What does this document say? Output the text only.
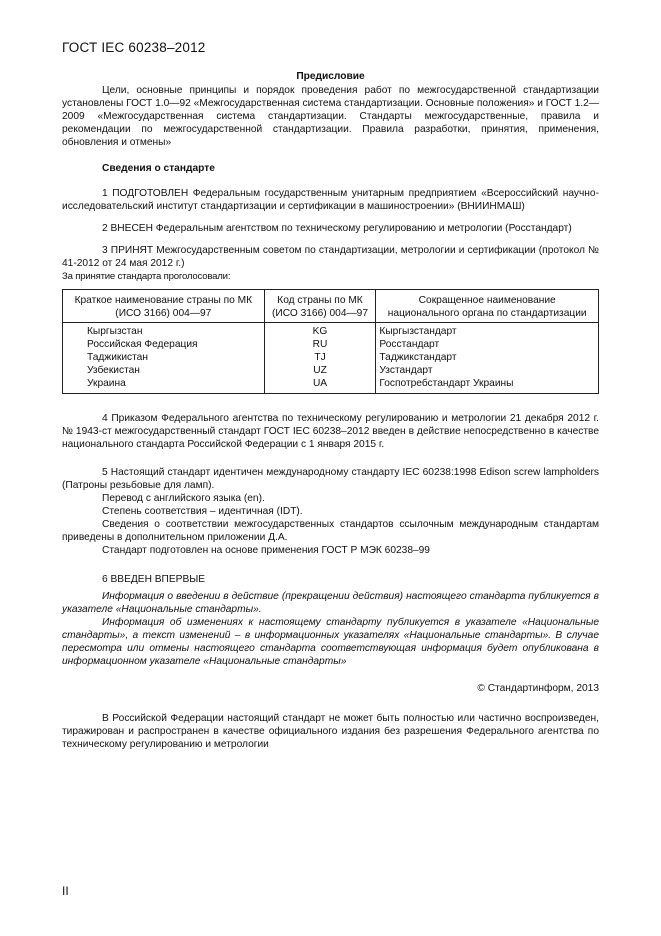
ГОСТ IEC 60238–2012
Предисловие

Цели, основные принципы и порядок проведения работ по межгосударственной стандартизации установлены ГОСТ 1.0—92 «Межгосударственная система стандартизации. Основные положения» и ГОСТ 1.2—2009 «Межгосударственная система стандартизации. Стандарты межгосударственные, правила и рекомендации по межгосударственной стандартизации. Правила разработки, принятия, применения, обновления и отмены»

Сведения о стандарте

1 ПОДГОТОВЛЕН Федеральным государственным унитарным предприятием «Всероссийский научно-исследовательский институт стандартизации и сертификации в машиностроении» (ВНИИНМАШ)

2 ВНЕСЕН Федеральным агентством по техническому регулированию и метрологии (Росстандарт)

3 ПРИНЯТ Межгосударственным советом по стандартизации, метрологии и сертификации (протокол № 41-2012 от 24 мая 2012 г.)

За принятие стандарта проголосовали:

Краткое наименование страны по МК (ИСО 3166) 004—97	Код страны по МК (ИСО 3166) 004—97	Сокращенное наименование национального органа по стандартизации
Кыргызстан	KG	Кыргызстандарт
Российская Федерация	RU	Росстандарт
Таджикистан	TJ	Таджикстандарт
Узбекистан	UZ	Узстандарт
Украина	UA	Госпотребстандарт Украины

4 Приказом Федерального агентства по техническому регулированию и метрологии 21 декабря 2012 г. № 1943-ст межгосударственный стандарт ГОСТ IEC 60238–2012 введен в действие непосредственно в качестве национального стандарта Российской Федерации с 1 января 2015 г.

5 Настоящий стандарт идентичен международному стандарту IEC 60238:1998 Edison screw lampholders (Патроны резьбовые для ламп).

Перевод с английского языка (en).

Степень соответствия – идентичная (IDT).

Сведения о соответствии межгосударственных стандартов ссылочным международным стандартам приведены в дополнительном приложении Д.А.

Стандарт подготовлен на основе применения ГОСТ Р МЭК 60238–99

6 ВВЕДЕН ВПЕРВЫЕ

Информация о введении в действие (прекращении действия) настоящего стандарта публикуется в указателе «Национальные стандарты».

Информация об изменениях к настоящему стандарту публикуется в указателе «Национальные стандарты», а текст изменений – в информационных указателях «Национальные стандарты». В случае пересмотра или отмены настоящего стандарта соответствующая информация будет опубликована в информационном указателе «Национальные стандарты»

© Стандартинформ, 2013

В Российской Федерации настоящий стандарт не может быть полностью или частично воспроизведен, тиражирован и распространен в качестве официального издания без разрешения Федерального агентства по техническому регулированию и метрологии

II
